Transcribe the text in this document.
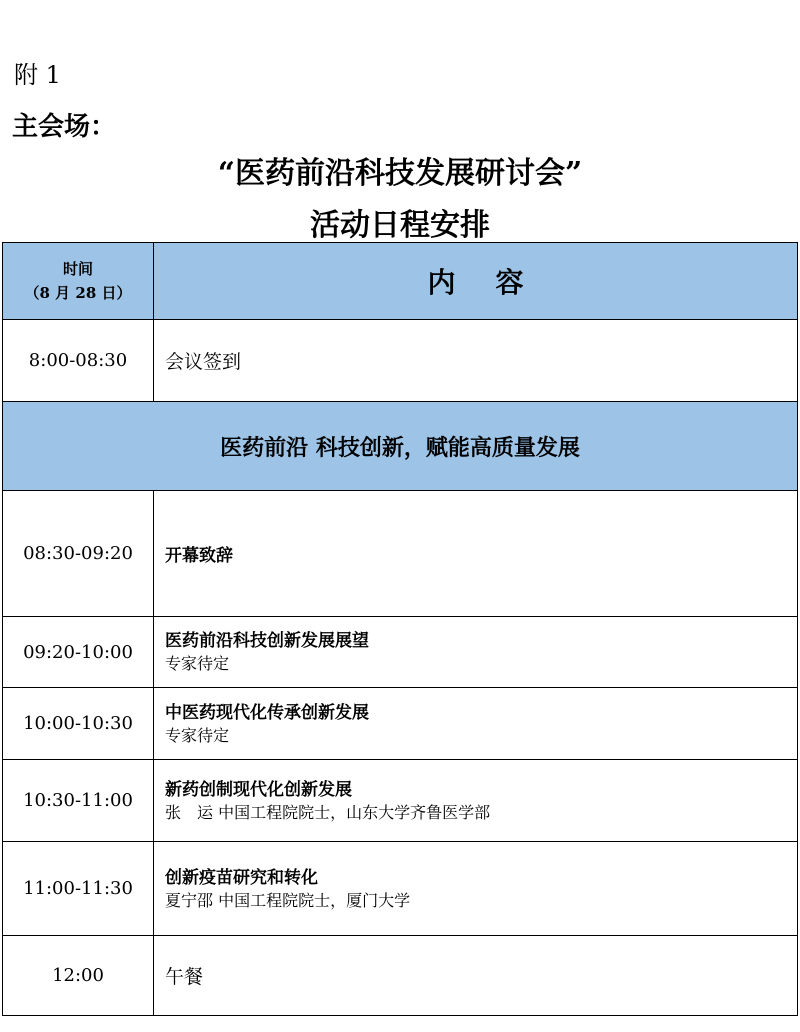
附 1
主会场：
“医药前沿科技发展研讨会”
活动日程安排
时间
（8 月 28 日）	内容

8:00-08:30	会议签到

医药前沿 科技创新，赋能高质量发展	
08:30-09:20	开幕致辞

09:20-10:00	医药前沿科技创新发展展望
专家待定

10:00-10:30	中医药现代化传承创新发展
专家待定

10:30-11:00	新药创制现代化创新发展
张　运 中国工程院院士，山东大学齐鲁医学部

11:00-11:30	创新疫苗研究和转化
夏宁邵 中国工程院院士，厦门大学

12:00	午餐
